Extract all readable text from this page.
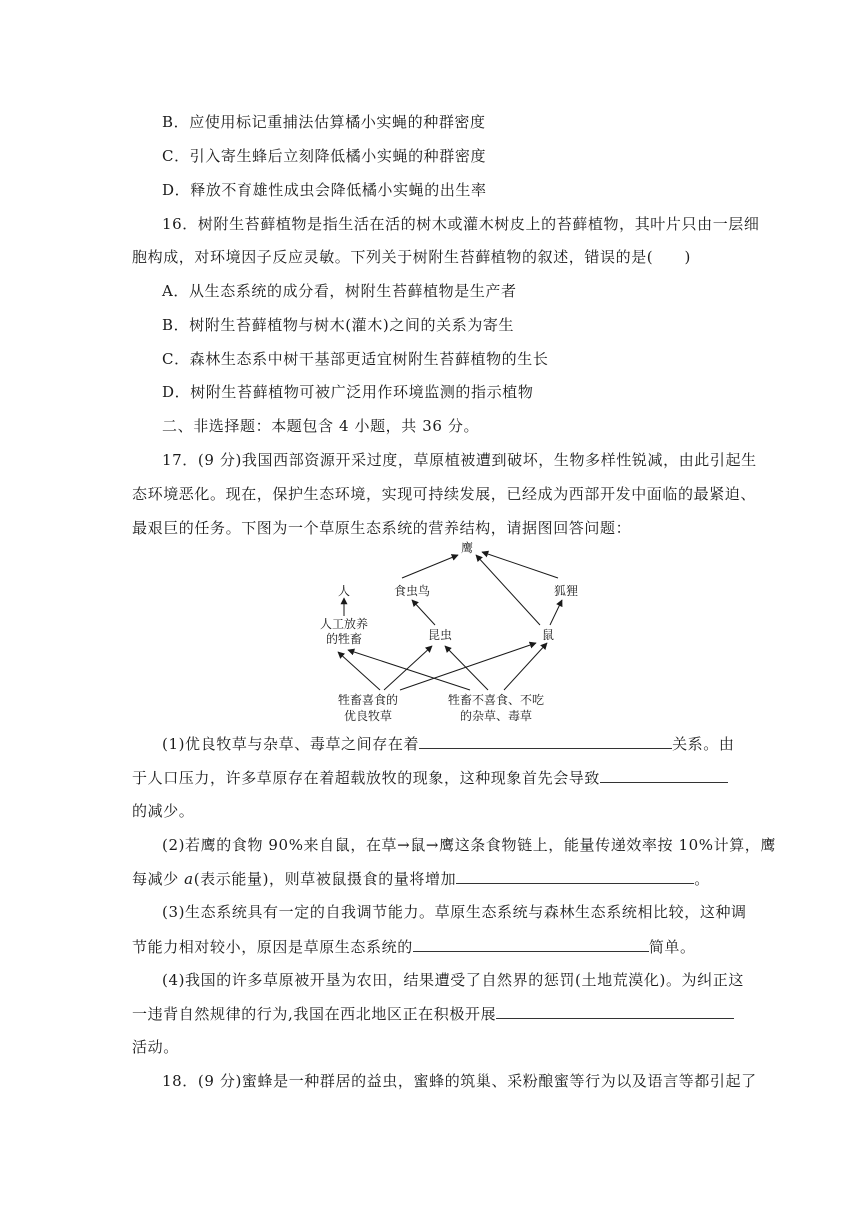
B．应使用标记重捕法估算橘小实蝇的种群密度
C．引入寄生蜂后立刻降低橘小实蝇的种群密度
D．释放不育雄性成虫会降低橘小实蝇的出生率
16．树附生苔藓植物是指生活在活的树木或灌木树皮上的苔藓植物，其叶片只由一层细
胞构成，对环境因子反应灵敏。下列关于树附生苔藓植物的叙述，错误的是(　　)
A．从生态系统的成分看，树附生苔藓植物是生产者
B．树附生苔藓植物与树木(灌木)之间的关系为寄生
C．森林生态系中树干基部更适宜树附生苔藓植物的生长
D．树附生苔藓植物可被广泛用作环境监测的指示植物
二、非选择题：本题包含 4 小题，共 36 分。
17．(9 分)我国西部资源开采过度，草原植被遭到破坏，生物多样性锐减，由此引起生
态环境恶化。现在，保护生态环境，实现可持续发展，已经成为西部开发中面临的最紧迫、
最艰巨的任务。下图为一个草原生态系统的营养结构，请据图回答问题：
鹰
人	食虫鸟	狐狸
人工放养
的牲畜	昆虫	鼠
牲畜喜食的
优良牧草
牲畜不喜食、不吃
的杂草、毒草
(1)优良牧草与杂草、毒草之间存在着	关系。由
于人口压力，许多草原存在着超载放牧的现象，这种现象首先会导致
的减少。
(2)若鹰的食物 90%来自鼠，在草→鼠→鹰这条食物链上，能量传递效率按 10%计算，鹰
每减少 a(表示能量)，则草被鼠摄食的量将增加	。
(3)生态系统具有一定的自我调节能力。草原生态系统与森林生态系统相比较，这种调
节能力相对较小，原因是草原生态系统的	简单。
(4)我国的许多草原被开垦为农田，结果遭受了自然界的惩罚(土地荒漠化)。为纠正这
一违背自然规律的行为,我国在西北地区正在积极开展
活动。
18．(9 分)蜜蜂是一种群居的益虫，蜜蜂的筑巢、采粉酿蜜等行为以及语言等都引起了
